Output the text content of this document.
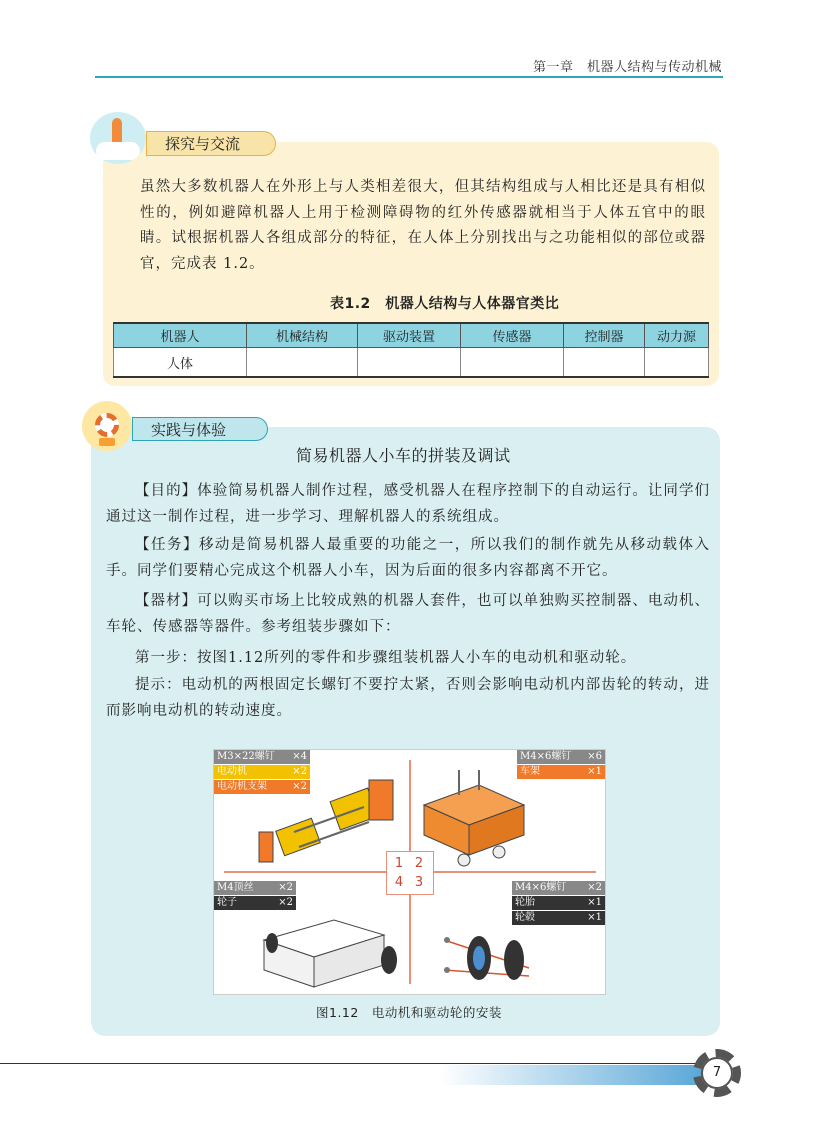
第一章　机器人结构与传动机械
探究与交流
虽然大多数机器人在外形上与人类相差很大，但其结构组成与人相比还是具有相似性的，例如避障机器人上用于检测障碍物的红外传感器就相当于人体五官中的眼睛。试根据机器人各组成部分的特征，在人体上分别找出与之功能相似的部位或器官，完成表 1.2。
表1.2　机器人结构与人体器官类比
机器人	机械结构	驱动装置	传感器	控制器	动力源
人体					
实践与体验
简易机器人小车的拼装及调试
【目的】体验简易机器人制作过程，感受机器人在程序控制下的自动运行。让同学们通过这一制作过程，进一步学习、理解机器人的系统组成。
【任务】移动是简易机器人最重要的功能之一，所以我们的制作就先从移动载体入手。同学们要精心完成这个机器人小车，因为后面的很多内容都离不开它。
【器材】可以购买市场上比较成熟的机器人套件，也可以单独购买控制器、电动机、车轮、传感器等器件。参考组装步骤如下：
第一步：按图1.12所列的零件和步骤组装机器人小车的电动机和驱动轮。
提示：电动机的两根固定长螺钉不要拧太紧，否则会影响电动机内部齿轮的转动，进而影响电动机的转动速度。
1 2
4 3
M3×22螺钉 ×4
电动机	×2
电动机支架	×2
M4×6螺钉 ×6
车架	×1
M4顶丝 ×2
轮子	×2
M4×6螺钉 ×2
轮胎	×1
轮毂	×1
图1.12　电动机和驱动轮的安装
7
